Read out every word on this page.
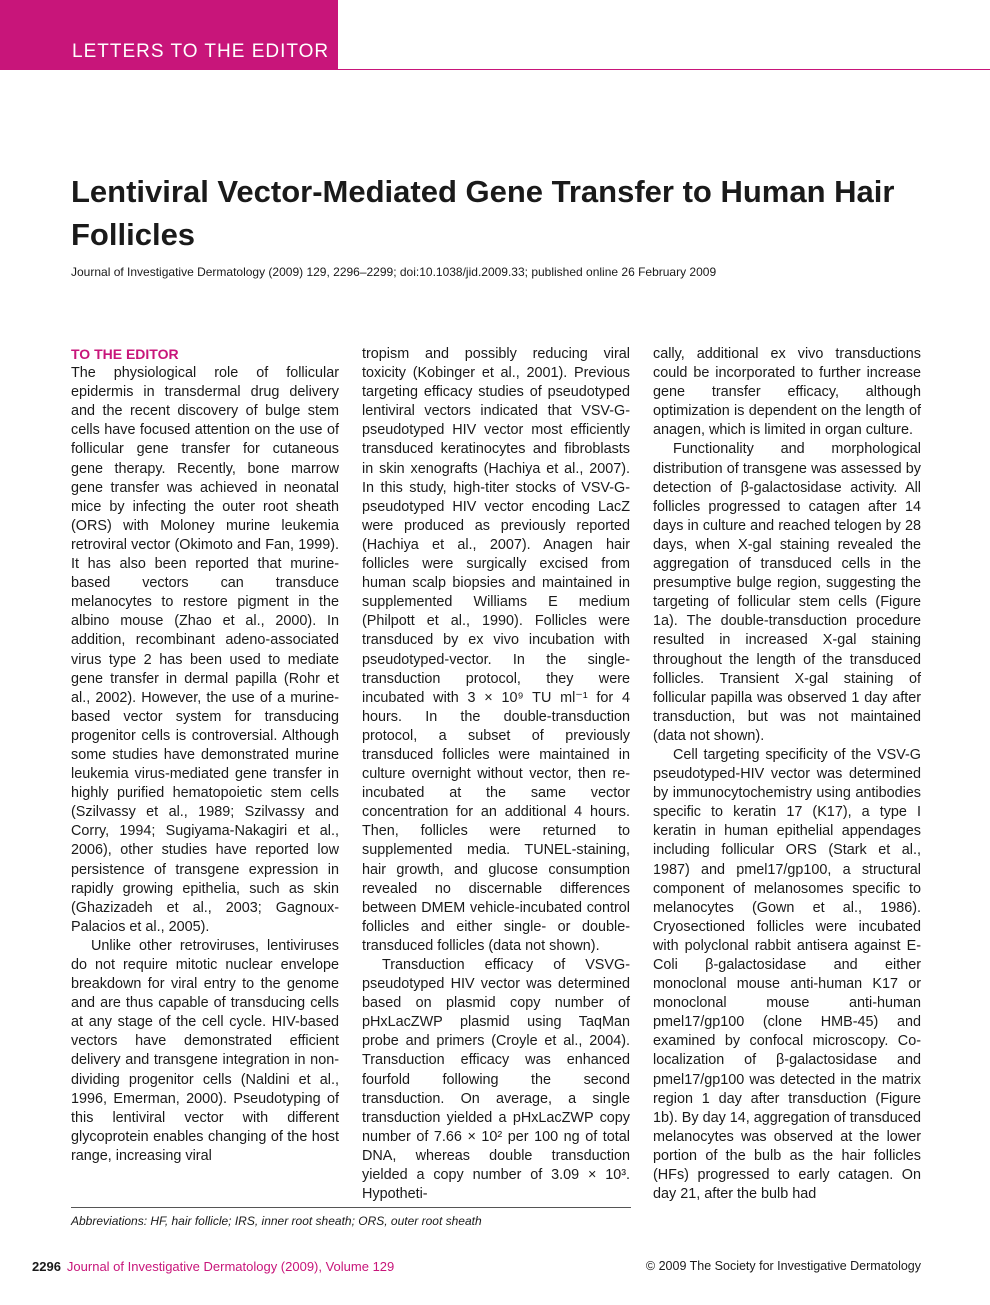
LETTERS TO THE EDITOR
Lentiviral Vector-Mediated Gene Transfer to Human Hair Follicles
Journal of Investigative Dermatology (2009) 129, 2296–2299; doi:10.1038/jid.2009.33; published online 26 February 2009

TO THE EDITOR

The physiological role of follicular epidermis in transdermal drug delivery and the recent discovery of bulge stem cells have focused attention on the use of follicular gene transfer for cutaneous gene therapy. Recently, bone marrow gene transfer was achieved in neonatal mice by infecting the outer root sheath (ORS) with Moloney murine leukemia retroviral vector (Okimoto and Fan, 1999). It has also been reported that murine-based vectors can transduce melanocytes to restore pigment in the albino mouse (Zhao et al., 2000). In addition, recombinant adeno-associated virus type 2 has been used to mediate gene transfer in dermal papilla (Rohr et al., 2002). However, the use of a murine-based vector system for transducing progenitor cells is controversial. Although some studies have demonstrated murine leukemia virus-mediated gene transfer in highly purified hematopoietic stem cells (Szilvassy et al., 1989; Szilvassy and Corry, 1994; Sugiyama-Nakagiri et al., 2006), other studies have reported low persistence of transgene expression in rapidly growing epithelia, such as skin (Ghazizadeh et al., 2003; Gagnoux-Palacios et al., 2005).

Unlike other retroviruses, lentiviruses do not require mitotic nuclear envelope breakdown for viral entry to the genome and are thus capable of transducing cells at any stage of the cell cycle. HIV-based vectors have demonstrated efficient delivery and transgene integration in non-dividing progenitor cells (Naldini et al., 1996, Emerman, 2000). Pseudotyping of this lentiviral vector with different glycoprotein enables changing of the host range, increasing viral

tropism and possibly reducing viral toxicity (Kobinger et al., 2001). Previous targeting efficacy studies of pseudotyped lentiviral vectors indicated that VSV-G-pseudotyped HIV vector most efficiently transduced keratinocytes and fibroblasts in skin xenografts (Hachiya et al., 2007). In this study, high-titer stocks of VSV-G-pseudotyped HIV vector encoding LacZ were produced as previously reported (Hachiya et al., 2007). Anagen hair follicles were surgically excised from human scalp biopsies and maintained in supplemented Williams E medium (Philpott et al., 1990). Follicles were transduced by ex vivo incubation with pseudotyped-vector. In the single-transduction protocol, they were incubated with 3 × 10⁹ TU ml⁻¹ for 4 hours. In the double-transduction protocol, a subset of previously transduced follicles were maintained in culture overnight without vector, then re-incubated at the same vector concentration for an additional 4 hours. Then, follicles were returned to supplemented media. TUNEL-staining, hair growth, and glucose consumption revealed no discernable differences between DMEM vehicle-incubated control follicles and either single- or double-transduced follicles (data not shown).

Transduction efficacy of VSVG-pseudotyped HIV vector was determined based on plasmid copy number of pHxLacZWP plasmid using TaqMan probe and primers (Croyle et al., 2004). Transduction efficacy was enhanced fourfold following the second transduction. On average, a single transduction yielded a pHxLacZWP copy number of 7.66 × 10² per 100 ng of total DNA, whereas double transduction yielded a copy number of 3.09 × 10³. Hypotheti-

cally, additional ex vivo transductions could be incorporated to further increase gene transfer efficacy, although optimization is dependent on the length of anagen, which is limited in organ culture.

Functionality and morphological distribution of transgene was assessed by detection of β-galactosidase activity. All follicles progressed to catagen after 14 days in culture and reached telogen by 28 days, when X-gal staining revealed the aggregation of transduced cells in the presumptive bulge region, suggesting the targeting of follicular stem cells (Figure 1a). The double-transduction procedure resulted in increased X-gal staining throughout the length of the transduced follicles. Transient X-gal staining of follicular papilla was observed 1 day after transduction, but was not maintained (data not shown).

Cell targeting specificity of the VSV-G pseudotyped-HIV vector was determined by immunocytochemistry using antibodies specific to keratin 17 (K17), a type I keratin in human epithelial appendages including follicular ORS (Stark et al., 1987) and pmel17/gp100, a structural component of melanosomes specific to melanocytes (Gown et al., 1986). Cryosectioned follicles were incubated with polyclonal rabbit antisera against E-Coli β-galactosidase and either monoclonal mouse anti-human K17 or monoclonal mouse anti-human pmel17/gp100 (clone HMB-45) and examined by confocal microscopy. Co-localization of β-galactosidase and pmel17/gp100 was detected in the matrix region 1 day after transduction (Figure 1b). By day 14, aggregation of transduced melanocytes was observed at the lower portion of the bulb as the hair follicles (HFs) progressed to early catagen. On day 21, after the bulb had

Abbreviations: HF, hair follicle; IRS, inner root sheath; ORS, outer root sheath
2296 Journal of Investigative Dermatology (2009), Volume 129	© 2009 The Society for Investigative Dermatology
